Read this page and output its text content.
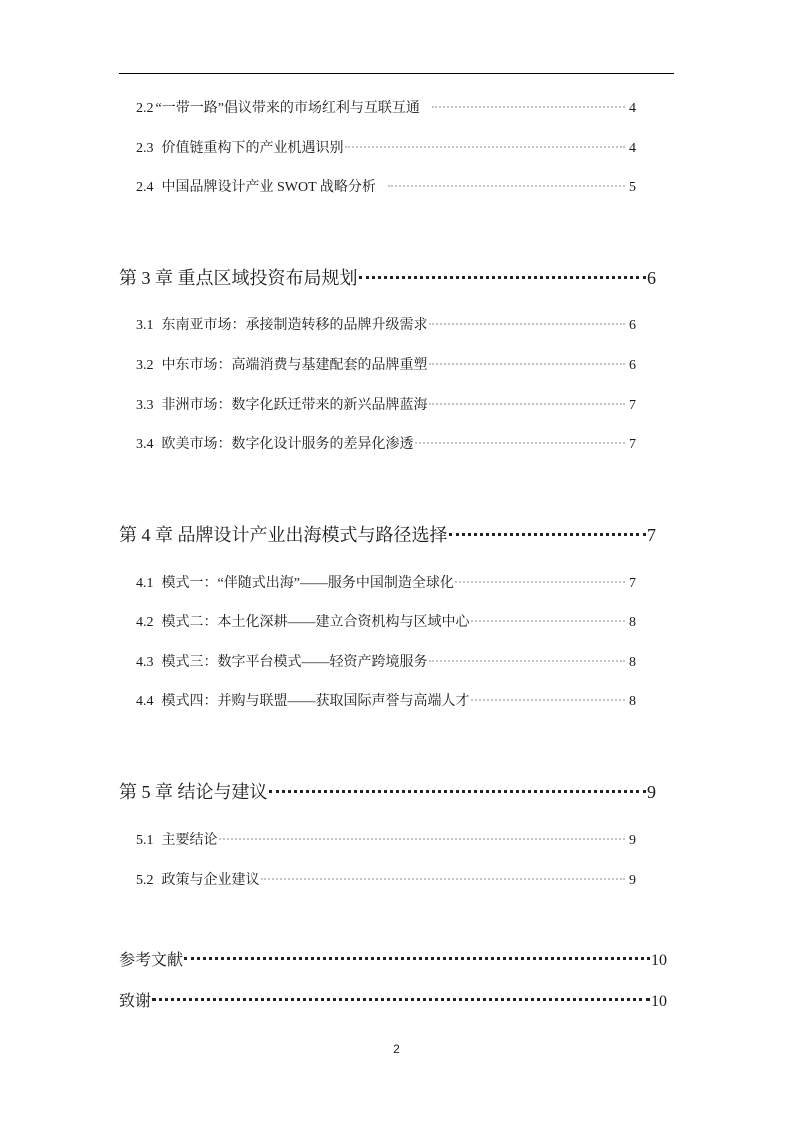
2.2 “一带一路”倡议带来的市场红利与互联互通	4
2.3 价值链重构下的产业机遇识别	4
2.4 中国品牌设计产业 SWOT 战略分析	5
第 3 章 重点区域投资布局规划	6
3.1 东南亚市场：承接制造转移的品牌升级需求	6
3.2 中东市场：高端消费与基建配套的品牌重塑	6
3.3 非洲市场：数字化跃迁带来的新兴品牌蓝海	7
3.4 欧美市场：数字化设计服务的差异化渗透	7
第 4 章 品牌设计产业出海模式与路径选择	7
4.1 模式一：“伴随式出海”——服务中国制造全球化	7
4.2 模式二：本土化深耕——建立合资机构与区域中心	8
4.3 模式三：数字平台模式——轻资产跨境服务	8
4.4 模式四：并购与联盟——获取国际声誉与高端人才	8
第 5 章 结论与建议	9
5.1 主要结论	9
5.2 政策与企业建议	9
参考文献	10
致谢	10
2
